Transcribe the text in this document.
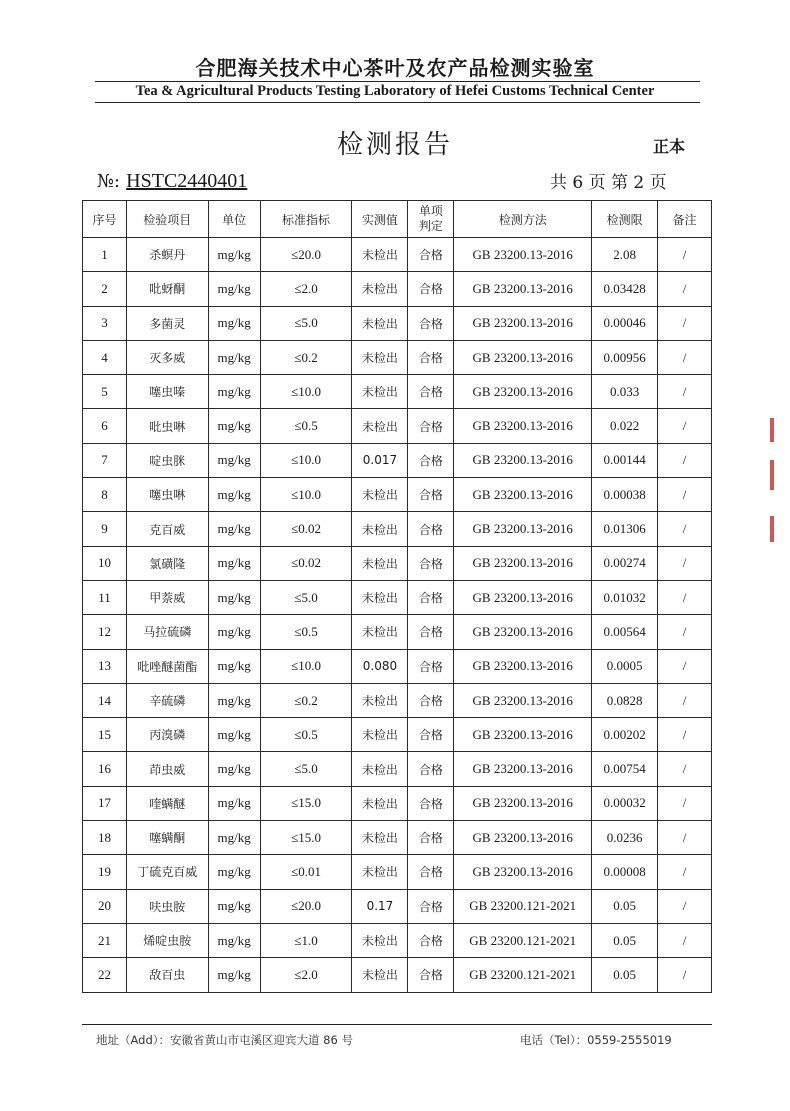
合肥海关技术中心茶叶及农产品检测实验室
Tea & Agricultural Products Testing Laboratory of Hefei Customs Technical Center
检测报告	正本
№: HSTC2440401	共 6 页 第 2 页
序号	检验项目	单位	标准指标	实测值	单项判定	检测方法	检测限	备注
1	杀螟丹	mg/kg	≤20.0	未检出	合格	GB 23200.13-2016	2.08	/
2	吡蚜酮	mg/kg	≤2.0	未检出	合格	GB 23200.13-2016	0.03428	/
3	多菌灵	mg/kg	≤5.0	未检出	合格	GB 23200.13-2016	0.00046	/
4	灭多威	mg/kg	≤0.2	未检出	合格	GB 23200.13-2016	0.00956	/
5	噻虫嗪	mg/kg	≤10.0	未检出	合格	GB 23200.13-2016	0.033	/
6	吡虫啉	mg/kg	≤0.5	未检出	合格	GB 23200.13-2016	0.022	/
7	啶虫脒	mg/kg	≤10.0	0.017	合格	GB 23200.13-2016	0.00144	/
8	噻虫啉	mg/kg	≤10.0	未检出	合格	GB 23200.13-2016	0.00038	/
9	克百威	mg/kg	≤0.02	未检出	合格	GB 23200.13-2016	0.01306	/
10	氯磺隆	mg/kg	≤0.02	未检出	合格	GB 23200.13-2016	0.00274	/
11	甲萘威	mg/kg	≤5.0	未检出	合格	GB 23200.13-2016	0.01032	/
12	马拉硫磷	mg/kg	≤0.5	未检出	合格	GB 23200.13-2016	0.00564	/
13	吡唑醚菌酯	mg/kg	≤10.0	0.080	合格	GB 23200.13-2016	0.0005	/
14	辛硫磷	mg/kg	≤0.2	未检出	合格	GB 23200.13-2016	0.0828	/
15	丙溴磷	mg/kg	≤0.5	未检出	合格	GB 23200.13-2016	0.00202	/
16	茚虫威	mg/kg	≤5.0	未检出	合格	GB 23200.13-2016	0.00754	/
17	喹螨醚	mg/kg	≤15.0	未检出	合格	GB 23200.13-2016	0.00032	/
18	噻螨酮	mg/kg	≤15.0	未检出	合格	GB 23200.13-2016	0.0236	/
19	丁硫克百威	mg/kg	≤0.01	未检出	合格	GB 23200.13-2016	0.00008	/
20	呋虫胺	mg/kg	≤20.0	0.17	合格	GB 23200.121-2021	0.05	/
21	烯啶虫胺	mg/kg	≤1.0	未检出	合格	GB 23200.121-2021	0.05	/
22	敌百虫	mg/kg	≤2.0	未检出	合格	GB 23200.121-2021	0.05	/
地址（Add）：安徽省黄山市屯溪区迎宾大道 86 号	电话（Tel）：0559-2555019
